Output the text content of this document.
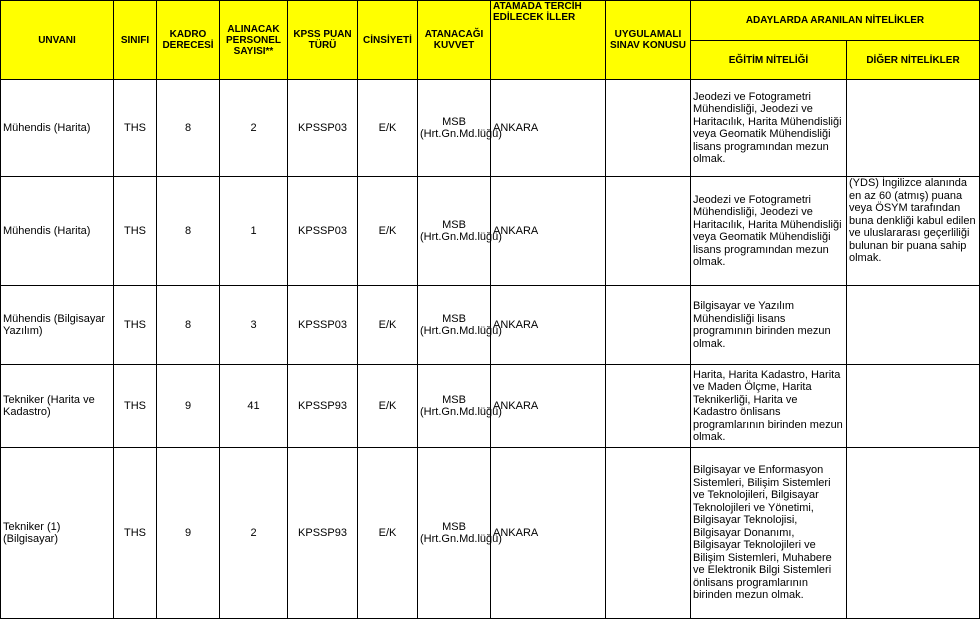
UNVANI	SINIFI	KADRO DERECESİ	ALINACAK PERSONEL SAYISI**	KPSS PUAN TÜRÜ	CİNSİYETİ	ATANACAĞI KUVVET	ATAMADA TERCİH EDİLECEK İLLER	UYGULAMALI SINAV KONUSU	ADAYLARDA ARANILAN NİTELİKLER	
									EĞİTİM NİTELİĞİ	DİĞER NİTELİKLER
Mühendis (Harita)	THS	8	2	KPSSP03	E/K	MSB (Hrt.Gn.Md.lüğü)	ANKARA		Jeodezi ve Fotogrametri Mühendisliği, Jeodezi ve Haritacılık, Harita Mühendisliği veya Geomatik Mühendisliği lisans programından mezun olmak.	
Mühendis (Harita)	THS	8	1	KPSSP03	E/K	MSB (Hrt.Gn.Md.lüğü)	ANKARA		Jeodezi ve Fotogrametri Mühendisliği, Jeodezi ve Haritacılık, Harita Mühendisliği veya Geomatik Mühendisliği lisans programından mezun olmak.	(YDS) İngilizce alanında en az 60 (atmış) puana veya ÖSYM tarafından buna denkliği kabul edilen ve uluslararası geçerliliği bulunan bir puana sahip olmak.
Mühendis (Bilgisayar Yazılım)	THS	8	3	KPSSP03	E/K	MSB (Hrt.Gn.Md.lüğü)	ANKARA		Bilgisayar ve Yazılım Mühendisliği lisans programının birinden mezun olmak.	
Tekniker (Harita ve Kadastro)	THS	9	41	KPSSP93	E/K	MSB (Hrt.Gn.Md.lüğü)	ANKARA		Harita, Harita Kadastro, Harita ve Maden Ölçme, Harita Teknikerliği, Harita ve Kadastro önlisans programlarının birinden mezun olmak.	
Tekniker (1) (Bilgisayar)	THS	9	2	KPSSP93	E/K	MSB (Hrt.Gn.Md.lüğü)	ANKARA		Bilgisayar ve Enformasyon Sistemleri, Bilişim Sistemleri ve Teknolojileri, Bilgisayar Teknolojileri ve Yönetimi, Bilgisayar Teknolojisi, Bilgisayar Donanımı, Bilgisayar Teknolojileri ve Bilişim Sistemleri, Muhabere ve Elektronik Bilgi Sistemleri önlisans programlarının birinden mezun olmak.	
